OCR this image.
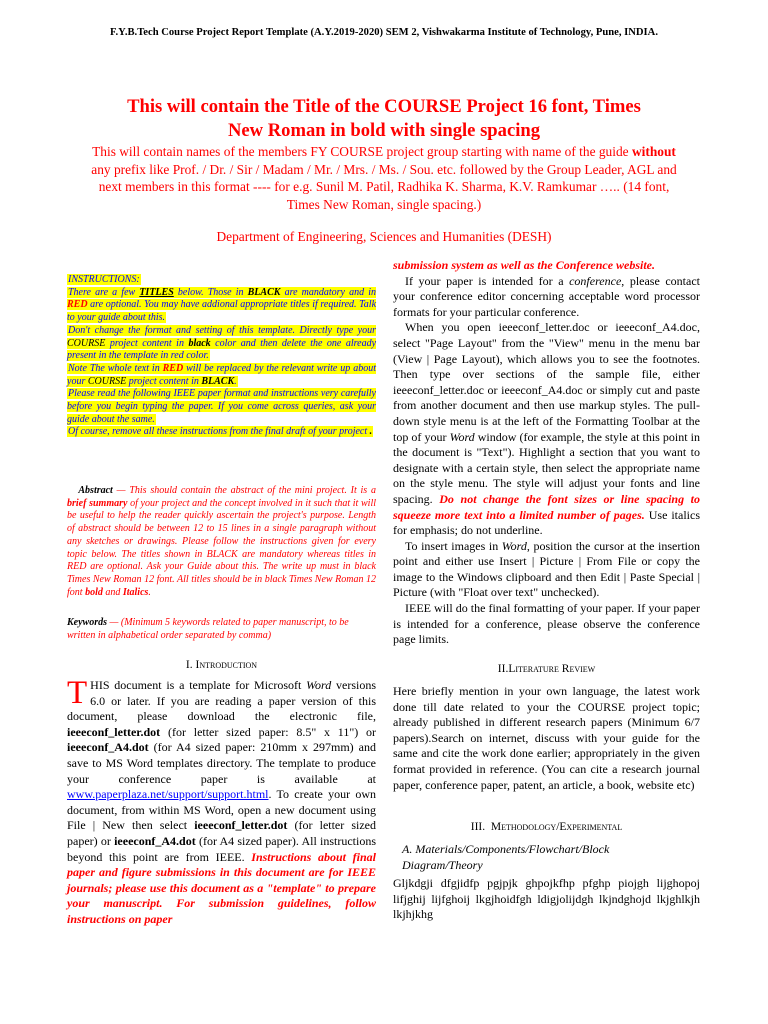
F.Y.B.Tech Course Project Report Template (A.Y.2019-2020) SEM 2, Vishwakarma Institute of Technology, Pune, INDIA.
This will contain the Title of the COURSE Project 16 font, Times
New Roman in bold with single spacing
This will contain names of the members FY COURSE project group starting with name of the guide without any prefix like Prof. / Dr. / Sir / Madam / Mr. / Mrs. / Ms. / Sou. etc. followed by the Group Leader, AGL and next members in this format ---- for e.g. Sunil M. Patil, Radhika K. Sharma, K.V. Ramkumar ….. (14 font, Times New Roman, single spacing.)
Department of Engineering, Sciences and Humanities (DESH)
INSTRUCTIONS:
There are a few TITLES below. Those in BLACK are mandatory and in RED are optional. You may have addional appropriate titles if required. Talk to your guide about this.
Don't change the format and setting of this template. Directly type your COURSE project content in black color and then delete the one already present in the template in red color.
Note The whole text in RED will be replaced by the relevant write up about your COURSE project content in BLACK.
Please read the following IEEE paper format and instructions very carefully before you begin typing the paper. If you come across queries, ask your guide about the same.
Of course, remove all these instructions from the final draft of your project .
Abstract — This should contain the abstract of the mini project. It is a brief summary of your project and the concept involved in it such that it will be useful to help the reader quickly ascertain the project's purpose. Length of abstract should be between 12 to 15 lines in a single paragraph without any sketches or drawings. Please follow the instructions given for every topic below. The titles shown in BLACK are mandatory whereas titles in RED are optional. Ask your Guide about this. The write up must in black Times New Roman 12 font. All titles should be in black Times New Roman 12 font bold and Italics.
Keywords — (Minimum 5 keywords related to paper manuscript, to be written in alphabetical order separated by comma)
I. Introduction
THIS document is a template for Microsoft Word versions 6.0 or later. If you are reading a paper version of this document, please download the electronic file, ieeeconf_letter.dot (for letter sized paper: 8.5" x 11") or ieeeconf_A4.dot (for A4 sized paper: 210mm x 297mm) and save to MS Word templates directory. The template to produce your conference paper is available at www.paperplaza.net/support/support.html. To create your own document, from within MS Word, open a new document using File | New then select ieeeconf_letter.dot (for letter sized paper) or ieeeconf_A4.dot (for A4 sized paper). All instructions beyond this point are from IEEE. Instructions about final paper and figure submissions in this document are for IEEE journals; please use this document as a "template" to prepare your manuscript. For submission guidelines, follow instructions on paper

submission system as well as the Conference website.

If your paper is intended for a conference, please contact your conference editor concerning acceptable word processor formats for your particular conference.

When you open ieeeconf_letter.doc or ieeeconf_A4.doc, select "Page Layout" from the "View" menu in the menu bar (View | Page Layout), which allows you to see the footnotes. Then type over sections of the sample file, either ieeeconf_letter.doc or ieeeconf_A4.doc or simply cut and paste from another document and then use markup styles. The pull-down style menu is at the left of the Formatting Toolbar at the top of your Word window (for example, the style at this point in the document is "Text"). Highlight a section that you want to designate with a certain style, then select the appropriate name on the style menu. The style will adjust your fonts and line spacing. Do not change the font sizes or line spacing to squeeze more text into a limited number of pages. Use italics for emphasis; do not underline.

To insert images in Word, position the cursor at the insertion point and either use Insert | Picture | From File or copy the image to the Windows clipboard and then Edit | Paste Special | Picture (with "Float over text" unchecked).

IEEE will do the final formatting of your paper. If your paper is intended for a conference, please observe the conference page limits.

II.Literature Review

Here briefly mention in your own language, the latest work done till date related to your the COURSE project topic; already published in different research papers (Minimum 6/7 papers).Search on internet, discuss with your guide for the same and cite the work done earlier; appropriately in the given format provided in reference. (You can cite a research journal paper, conference paper, patent, an article, a book, website etc)

III. Methodology/Experimental
A. Materials/Components/Flowchart/Block Diagram/Theory

Gljkdgji dfgjidfp pgjpjk ghpojkfhp pfghp piojgh lijghopoj lifjghij lijfghoij lkgjhoidfgh ldigjolijdgh lkjndghojd lkjghlkjh lkjhjkhg
